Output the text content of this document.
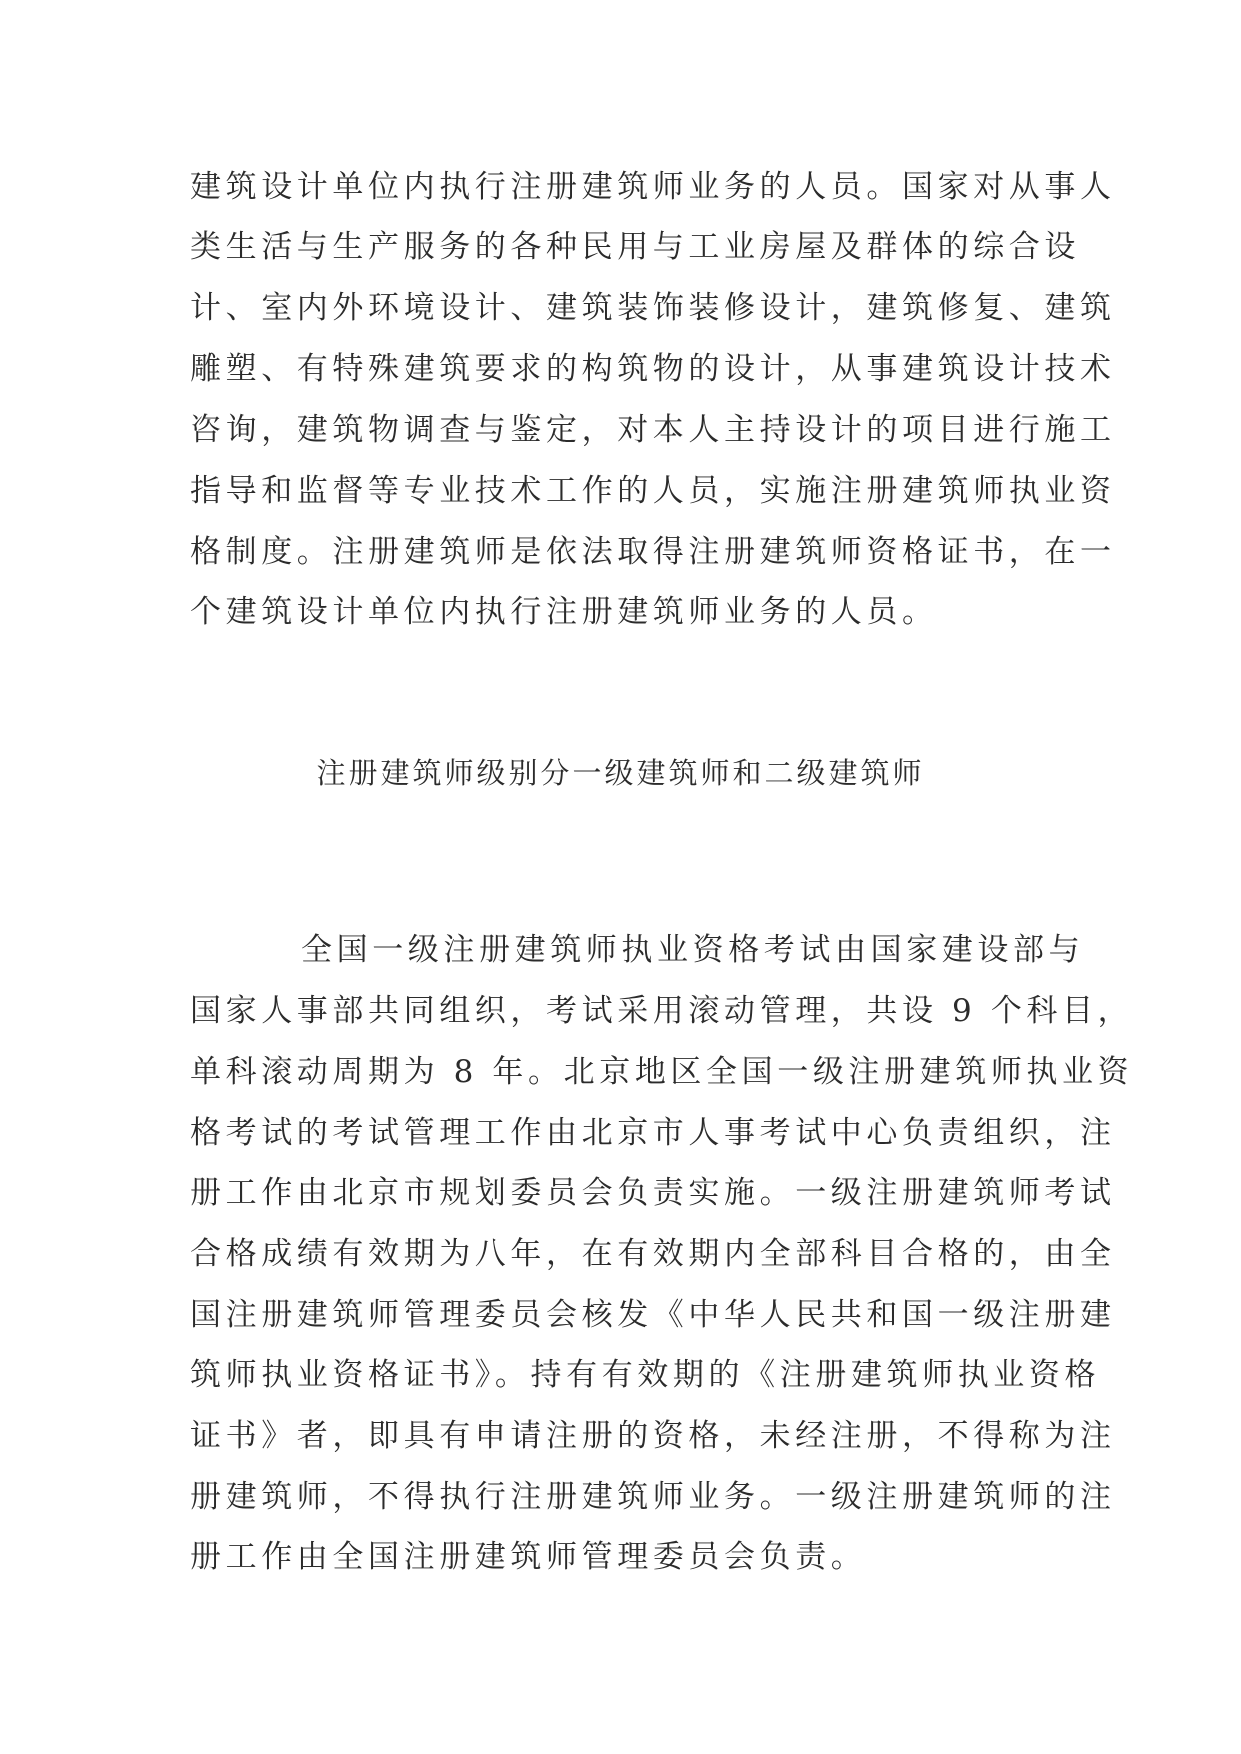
建筑设计单位内执行注册建筑师业务的人员。国家对从事人
类生活与生产服务的各种民用与工业房屋及群体的综合设
计、室内外环境设计、建筑装饰装修设计，建筑修复、建筑
雕塑、有特殊建筑要求的构筑物的设计，从事建筑设计技术
咨询，建筑物调查与鉴定，对本人主持设计的项目进行施工
指导和监督等专业技术工作的人员，实施注册建筑师执业资
格制度。注册建筑师是依法取得注册建筑师资格证书，在一
个建筑设计单位内执行注册建筑师业务的人员。
注册建筑师级别分一级建筑师和二级建筑师
全国一级注册建筑师执业资格考试由国家建设部与
国家人事部共同组织，考试采用滚动管理，共设 9 个科目，
单科滚动周期为 8 年。北京地区全国一级注册建筑师执业资
格考试的考试管理工作由北京市人事考试中心负责组织，注
册工作由北京市规划委员会负责实施。一级注册建筑师考试
合格成绩有效期为八年，在有效期内全部科目合格的，由全
国注册建筑师管理委员会核发《中华人民共和国一级注册建
筑师执业资格证书》。持有有效期的《注册建筑师执业资格
证书》者，即具有申请注册的资格，未经注册，不得称为注
册建筑师，不得执行注册建筑师业务。一级注册建筑师的注
册工作由全国注册建筑师管理委员会负责。
